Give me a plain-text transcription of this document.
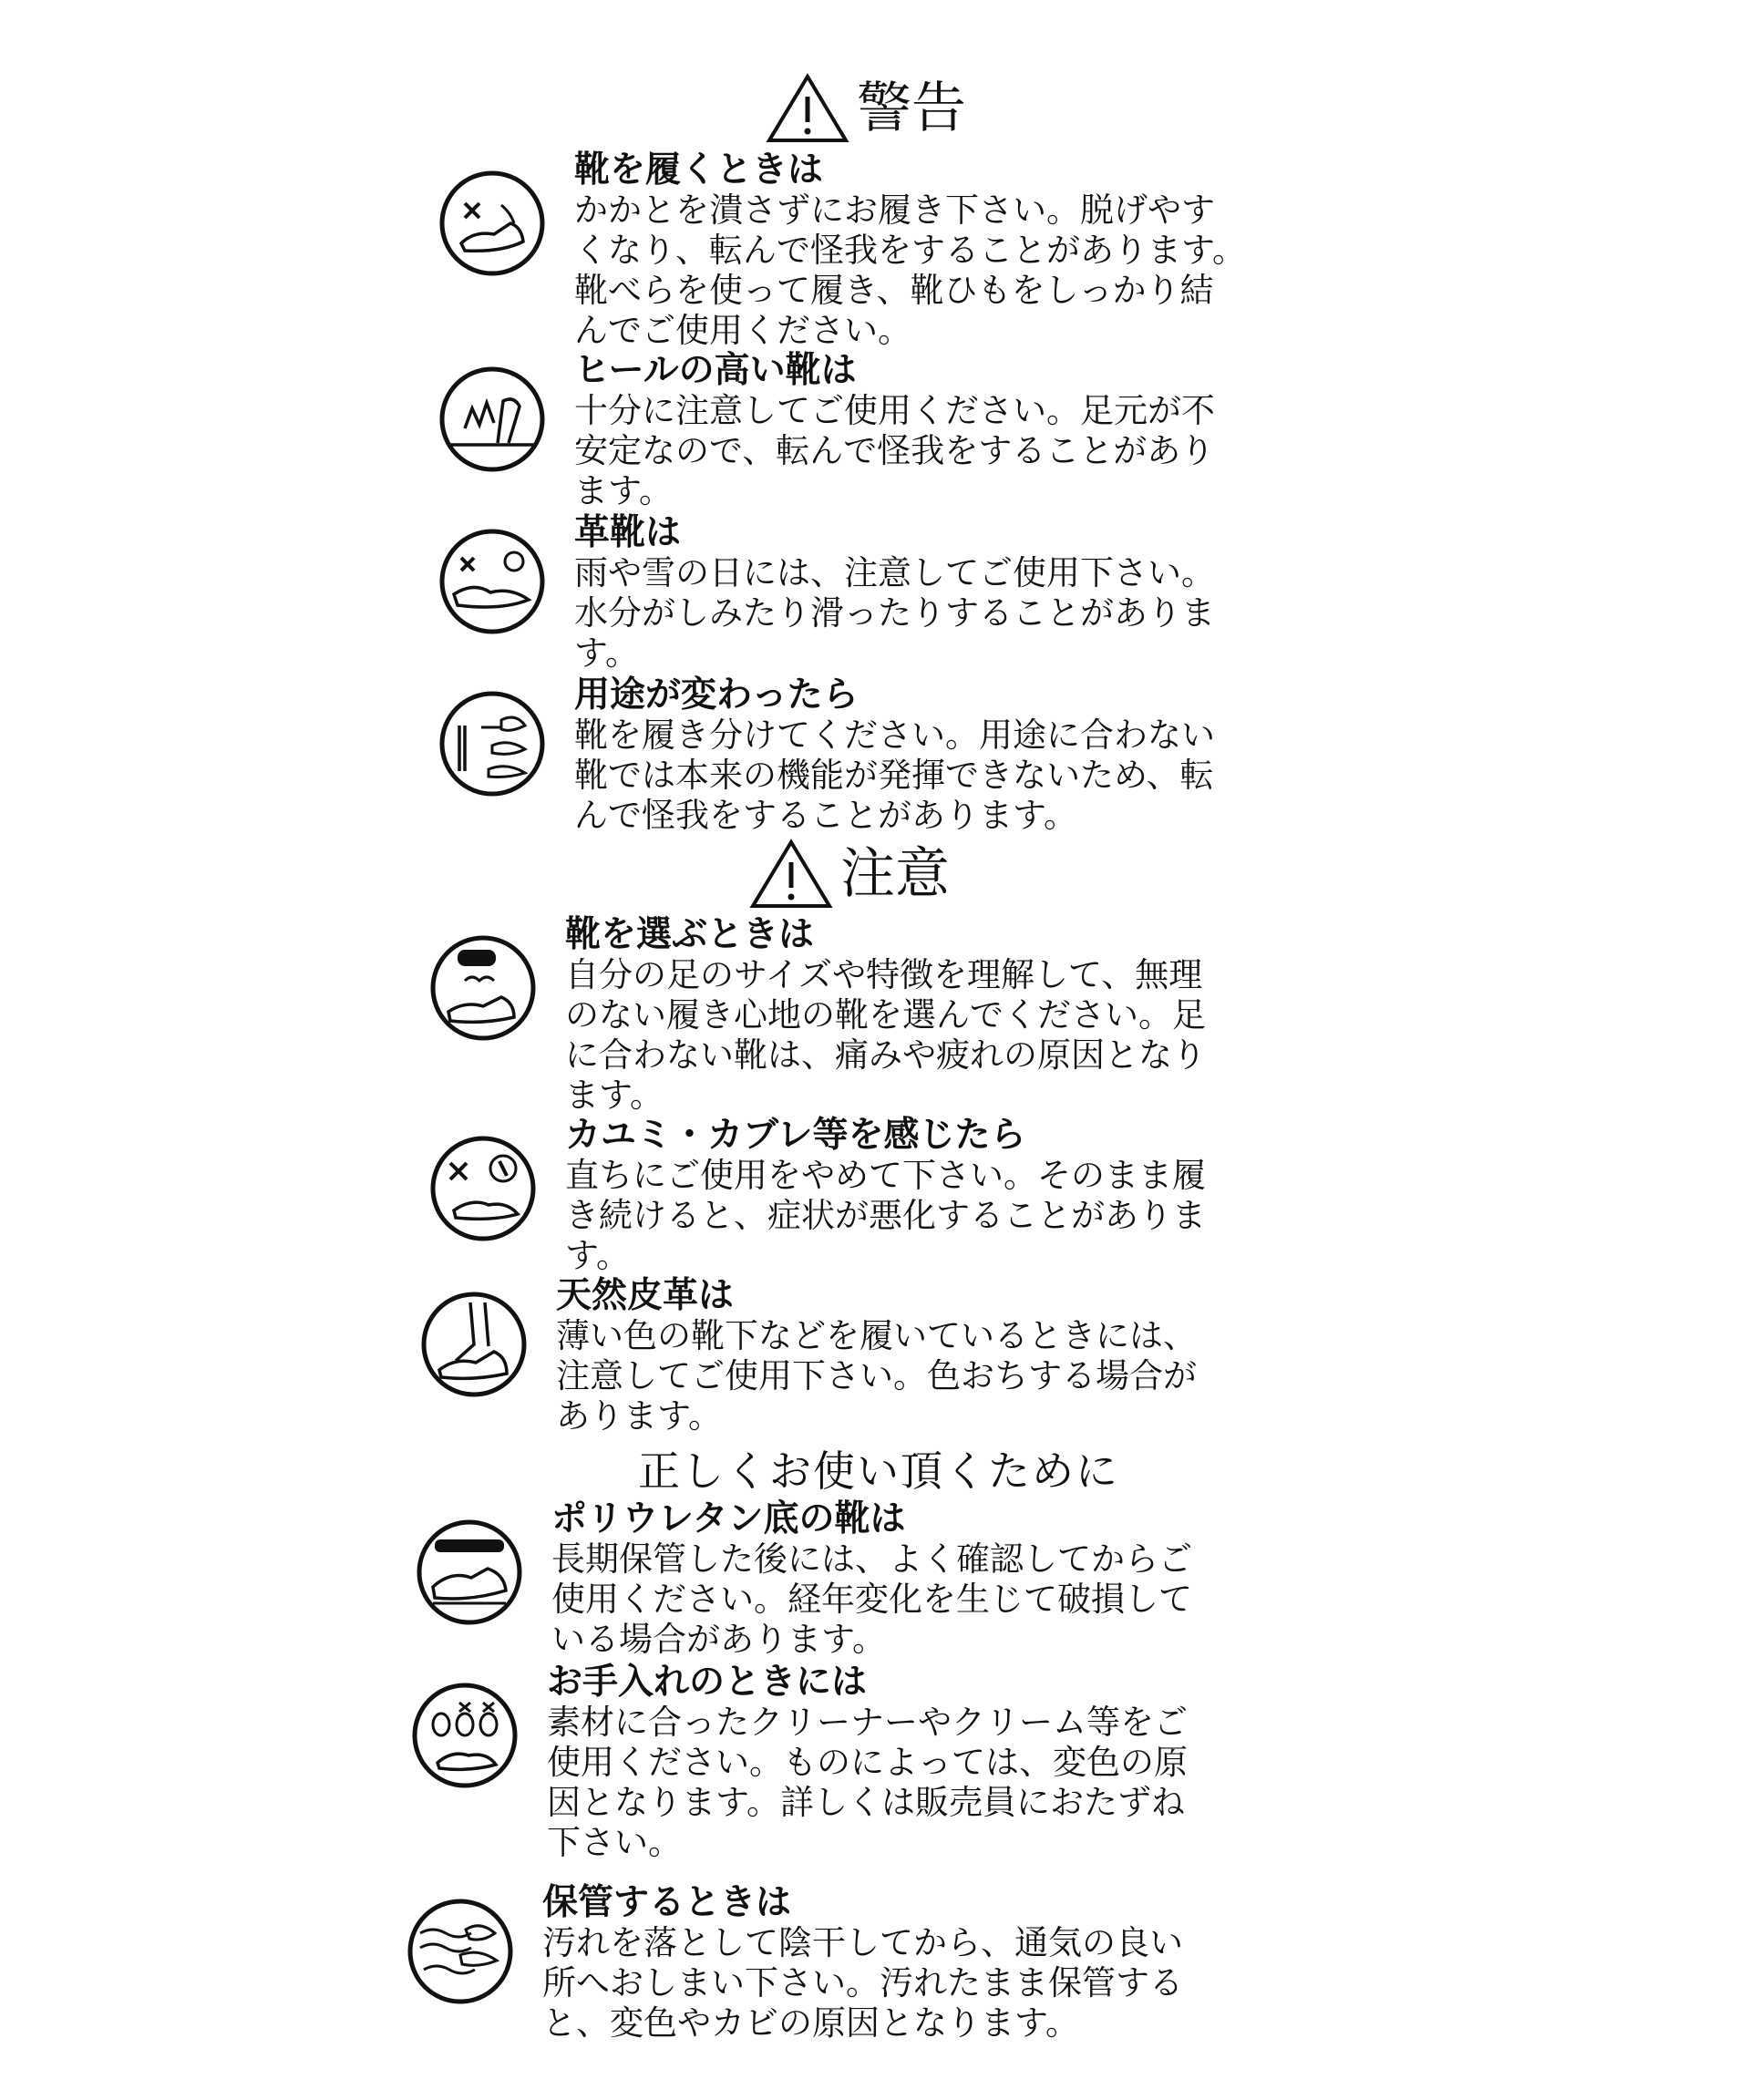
警告

靴を履くときは

かかとを潰さずにお履き下さい。脱げやす
くなり、転んで怪我をすることがあります。
靴べらを使って履き、靴ひもをしっかり結
んでご使用ください。

ヒールの高い靴は

十分に注意してご使用ください。足元が不
安定なので、転んで怪我をすることがあり
ます。

革靴は

雨や雪の日には、注意してご使用下さい。
水分がしみたり滑ったりすることがありま
す。

用途が変わったら

靴を履き分けてください。用途に合わない
靴では本来の機能が発揮できないため、転
んで怪我をすることがあります。

注意

靴を選ぶときは

自分の足のサイズや特徴を理解して、無理
のない履き心地の靴を選んでください。足
に合わない靴は、痛みや疲れの原因となり
ます。

カユミ・カブレ等を感じたら

直ちにご使用をやめて下さい。そのまま履
き続けると、症状が悪化することがありま
す。

天然皮革は

薄い色の靴下などを履いているときには、
注意してご使用下さい。色おちする場合が
あります。

正しくお使い頂くために

ポリウレタン底の靴は

長期保管した後には、よく確認してからご
使用ください。経年変化を生じて破損して
いる場合があります。

お手入れのときには

素材に合ったクリーナーやクリーム等をご
使用ください。ものによっては、変色の原
因となります。詳しくは販売員におたずね
下さい。

保管するときは

汚れを落として陰干してから、通気の良い
所へおしまい下さい。汚れたまま保管する
と、変色やカビの原因となります。
